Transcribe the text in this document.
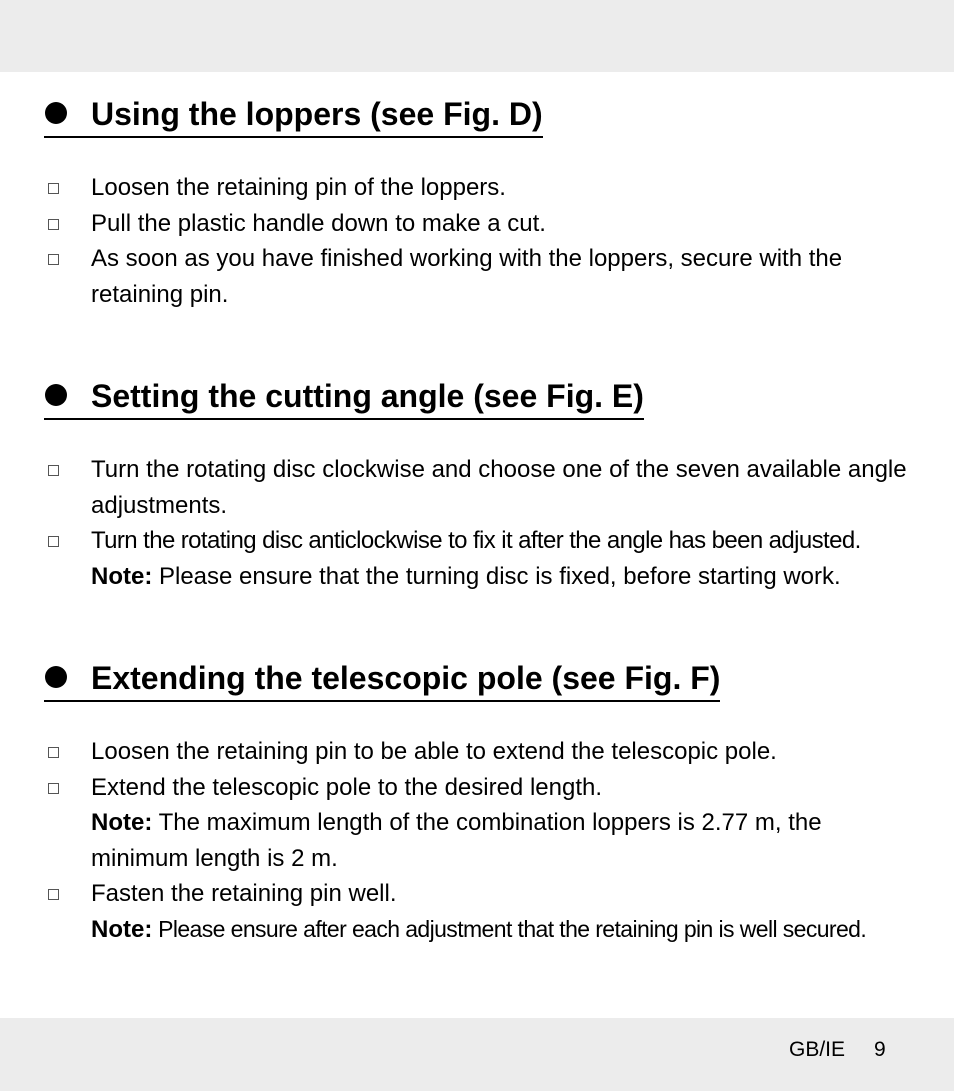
Using the loppers (see Fig. D)
Loosen the retaining pin of the loppers.
Pull the plastic handle down to make a cut.
As soon as you have finished working with the loppers, secure with the retaining pin.
Setting the cutting angle (see Fig. E)
Turn the rotating disc clockwise and choose one of the seven available angle adjustments.
Turn the rotating disc anticlockwise to fix it after the angle has been adjusted.
Note: Please ensure that the turning disc is fixed, before starting work.
Extending the telescopic pole (see Fig. F)
Loosen the retaining pin to be able to extend the telescopic pole.
Extend the telescopic pole to the desired length.
Note: The maximum length of the combination loppers is 2.77 m, the minimum length is 2 m.
Fasten the retaining pin well.
Note: Please ensure after each adjustment that the retaining pin is well secured.
GB/IE 9
